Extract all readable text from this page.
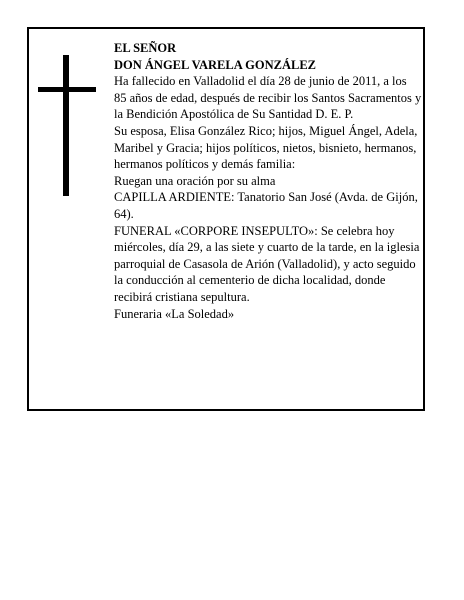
EL SEÑOR

DON ÁNGEL VARELA GONZÁLEZ

Ha fallecido en Valladolid el día 28 de junio de 2011, a los 85 años de edad, después de recibir los Santos Sacramentos y la Bendición Apostólica de Su Santidad D. E. P.

Su esposa, Elisa González Rico; hijos, Miguel Ángel, Adela, Maribel y Gracia; hijos políticos, nietos, bisnieto, hermanos, hermanos políticos y demás familia:

Ruegan una oración por su alma

CAPILLA ARDIENTE: Tanatorio San José (Avda. de Gijón, 64).

FUNERAL «CORPORE INSEPULTO»: Se celebra hoy miércoles, día 29, a las siete y cuarto de la tarde, en la iglesia parroquial de Casasola de Arión (Valladolid), y acto seguido la conducción al cementerio de dicha localidad, donde recibirá cristiana sepultura.

Funeraria «La Soledad»
